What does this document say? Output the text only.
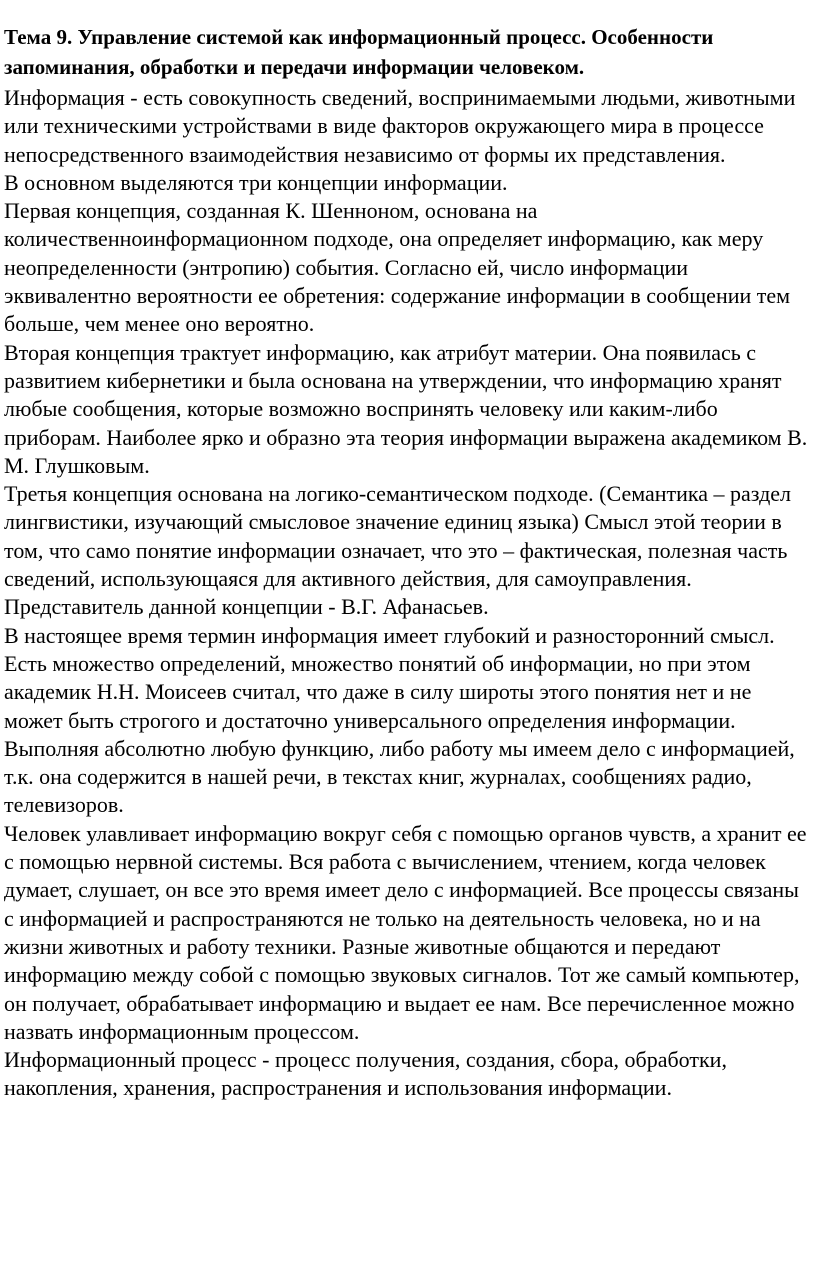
Тема 9. Управление системой как информационный процесс. Особенности запоминания, обработки и передачи информации человеком.

Информация - есть совокупность сведений, воспринимаемыми людьми, животными или техническими устройствами в виде факторов окружающего мира в процессе непосредственного взаимодействия независимо от формы их представления.

В основном выделяются три концепции информации.

Первая концепция, созданная К. Шенноном, основана на количественноинформационном подходе, она определяет информацию, как меру неопределенности (энтропию) события. Согласно ей, число информации эквивалентно вероятности ее обретения: содержание информации в сообщении тем больше, чем менее оно вероятно.

Вторая концепция трактует информацию, как атрибут материи. Она появилась с развитием кибернетики и была основана на утверждении, что информацию хранят любые сообщения, которые возможно воспринять человеку или каким-либо приборам. Наиболее ярко и образно эта теория информации выражена академиком В. М. Глушковым.

Третья концепция основана на логико-семантическом подходе. (Семантика – раздел лингвистики, изучающий смысловое значение единиц языка) Смысл этой теории в том, что само понятие информации означает, что это – фактическая, полезная часть сведений, использующаяся для активного действия, для самоуправления. Представитель данной концепции - В.Г. Афанасьев.

В настоящее время термин информация имеет глубокий и разносторонний смысл.

Есть множество определений, множество понятий об информации, но при этом академик Н.Н. Моисеев считал, что даже в силу широты этого понятия нет и не может быть строгого и достаточно универсального определения информации.

Выполняя абсолютно любую функцию, либо работу мы имеем дело с информацией, т.к. она содержится в нашей речи, в текстах книг, журналах, сообщениях радио, телевизоров.

Человек улавливает информацию вокруг себя с помощью органов чувств, а хранит ее с помощью нервной системы. Вся работа с вычислением, чтением, когда человек думает, слушает, он все это время имеет дело с информацией. Все процессы связаны с информацией и распространяются не только на деятельность человека, но и на жизни животных и работу техники. Разные животные общаются и передают информацию между собой с помощью звуковых сигналов. Тот же самый компьютер, он получает, обрабатывает информацию и выдает ее нам. Все перечисленное можно назвать информационным процессом.

Информационный процесс - процесс получения, создания, сбора, обработки, накопления, хранения, распространения и использования информации.
